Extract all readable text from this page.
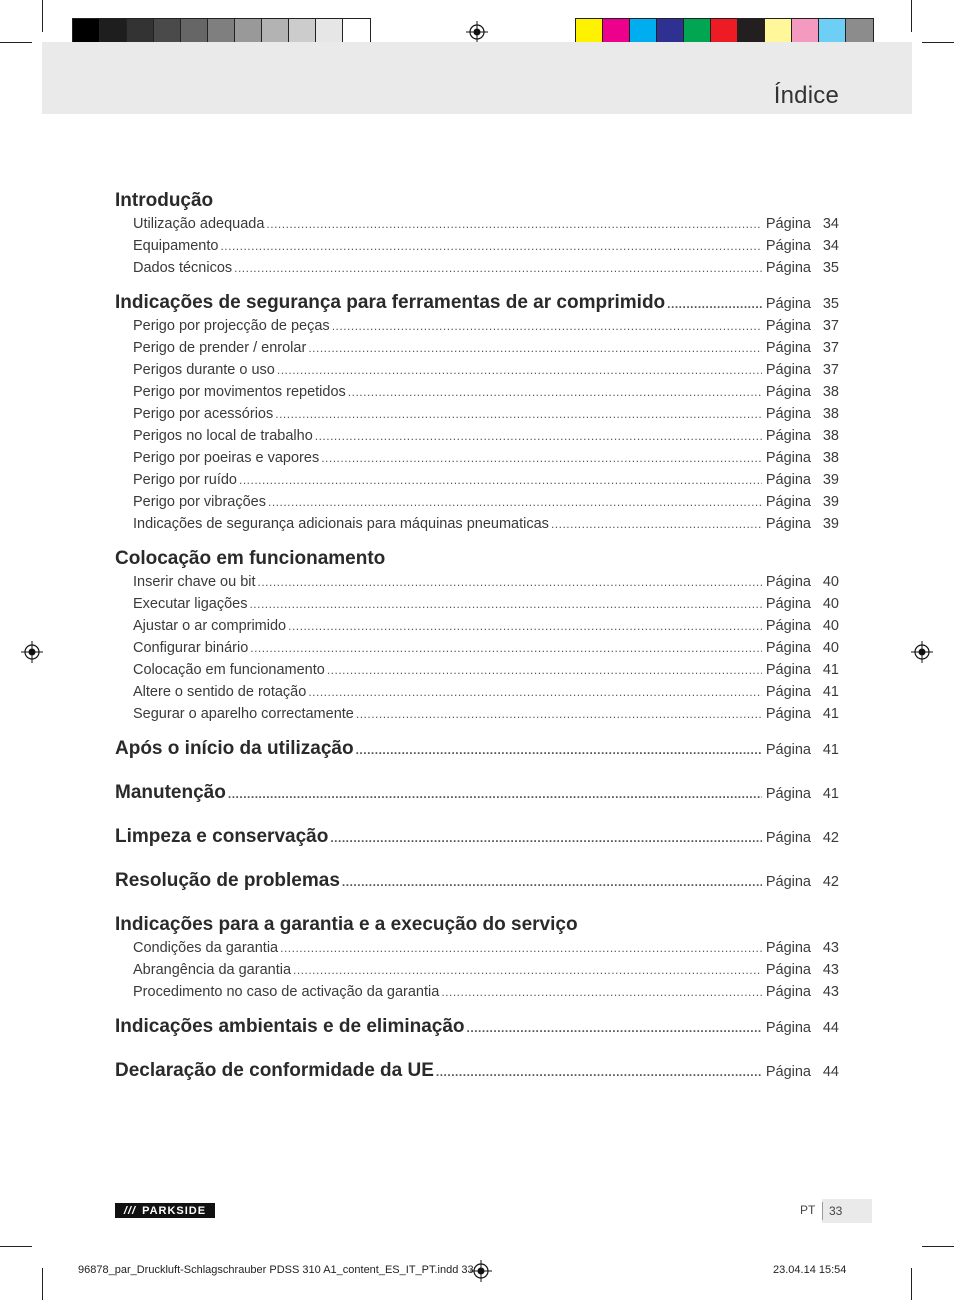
Índice
Introdução
Utilização adequada .....	Página 34
Equipamento .....	Página 34
Dados técnicos .....	Página 35
Indicações de segurança para ferramentas de ar comprimido .....	Página 35
Perigo por projecção de peças .....	Página 37
Perigo de prender / enrolar .....	Página 37
Perigos durante o uso .....	Página 37
Perigo por movimentos repetidos .....	Página 38
Perigo por acessórios .....	Página 38
Perigos no local de trabalho .....	Página 38
Perigo por poeiras e vapores .....	Página 38
Perigo por ruído .....	Página 39
Perigo por vibrações .....	Página 39
Indicações de segurança adicionais para máquinas pneumaticas .....	Página 39
Colocação em funcionamento
Inserir chave ou bit .....	Página 40
Executar ligações .....	Página 40
Ajustar o ar comprimido .....	Página 40
Configurar binário .....	Página 40
Colocação em funcionamento .....	Página 41
Altere o sentido de rotação .....	Página 41
Segurar o aparelho correctamente .....	Página 41
Após o início da utilização .....	Página 41
Manutenção .....	Página 41
Limpeza e conservação .....	Página 42
Resolução de problemas .....	Página 42
Indicações para a garantia e a execução do serviço
Condições da garantia .....	Página 43
Abrangência da garantia .....	Página 43
Procedimento no caso de activação da garantia .....	Página 43
Indicações ambientais e de eliminação .....	Página 44
Declaração de conformidade da UE .....	Página 44
/// PARKSIDE	PT 33
96878_par_Druckluft-Schlagschrauber PDSS 310 A1_content_ES_IT_PT.indd 33	23.04.14 15:54
